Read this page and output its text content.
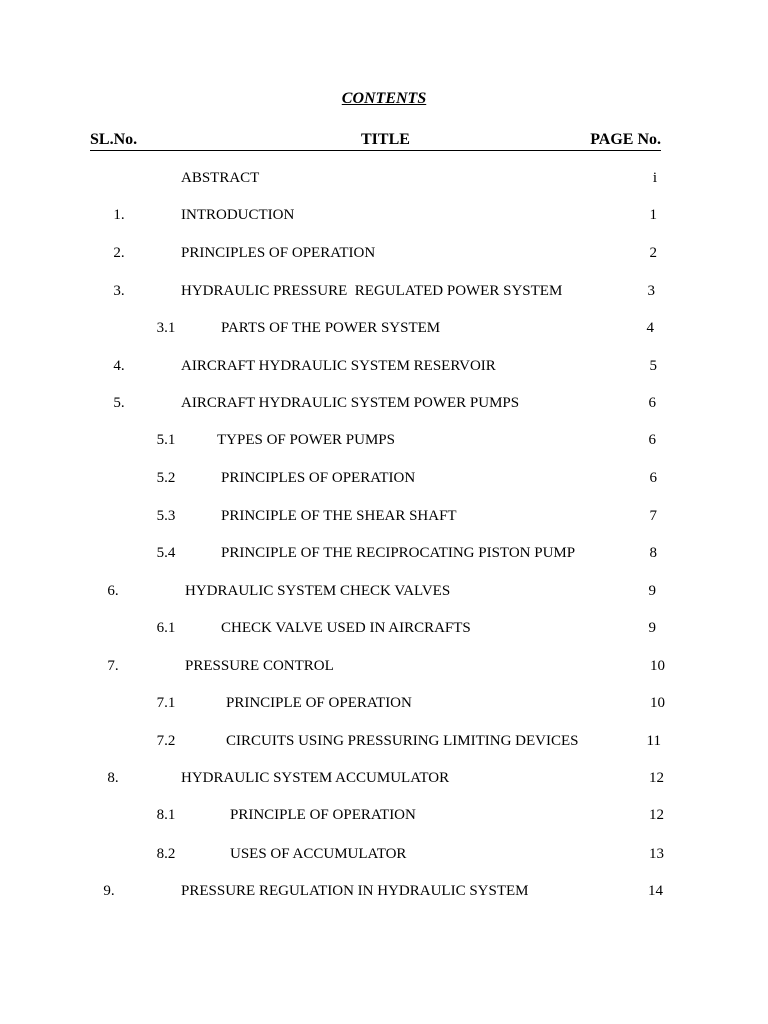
CONTENTS
SL.No.	TITLE	PAGE No.
ABSTRACT	i
1.	INTRODUCTION	1
2.	PRINCIPLES OF OPERATION	2
3.	HYDRAULIC PRESSURE  REGULATED POWER SYSTEM	3
3.1	PARTS OF THE POWER SYSTEM	4
4.	AIRCRAFT HYDRAULIC SYSTEM RESERVOIR	5
5.	AIRCRAFT HYDRAULIC SYSTEM POWER PUMPS	6
5.1	TYPES OF POWER PUMPS	6
5.2	PRINCIPLES OF OPERATION	6
5.3	PRINCIPLE OF THE SHEAR SHAFT	7
5.4	PRINCIPLE OF THE RECIPROCATING PISTON PUMP	8
6.	HYDRAULIC SYSTEM CHECK VALVES	9
6.1	CHECK VALVE USED IN AIRCRAFTS	9
7.	PRESSURE CONTROL	10
7.1	PRINCIPLE OF OPERATION	10
7.2	CIRCUITS USING PRESSURING LIMITING DEVICES	11
8.	HYDRAULIC SYSTEM ACCUMULATOR	12
8.1	PRINCIPLE OF OPERATION	12
8.2	USES OF ACCUMULATOR	13
9.	PRESSURE REGULATION IN HYDRAULIC SYSTEM	14
